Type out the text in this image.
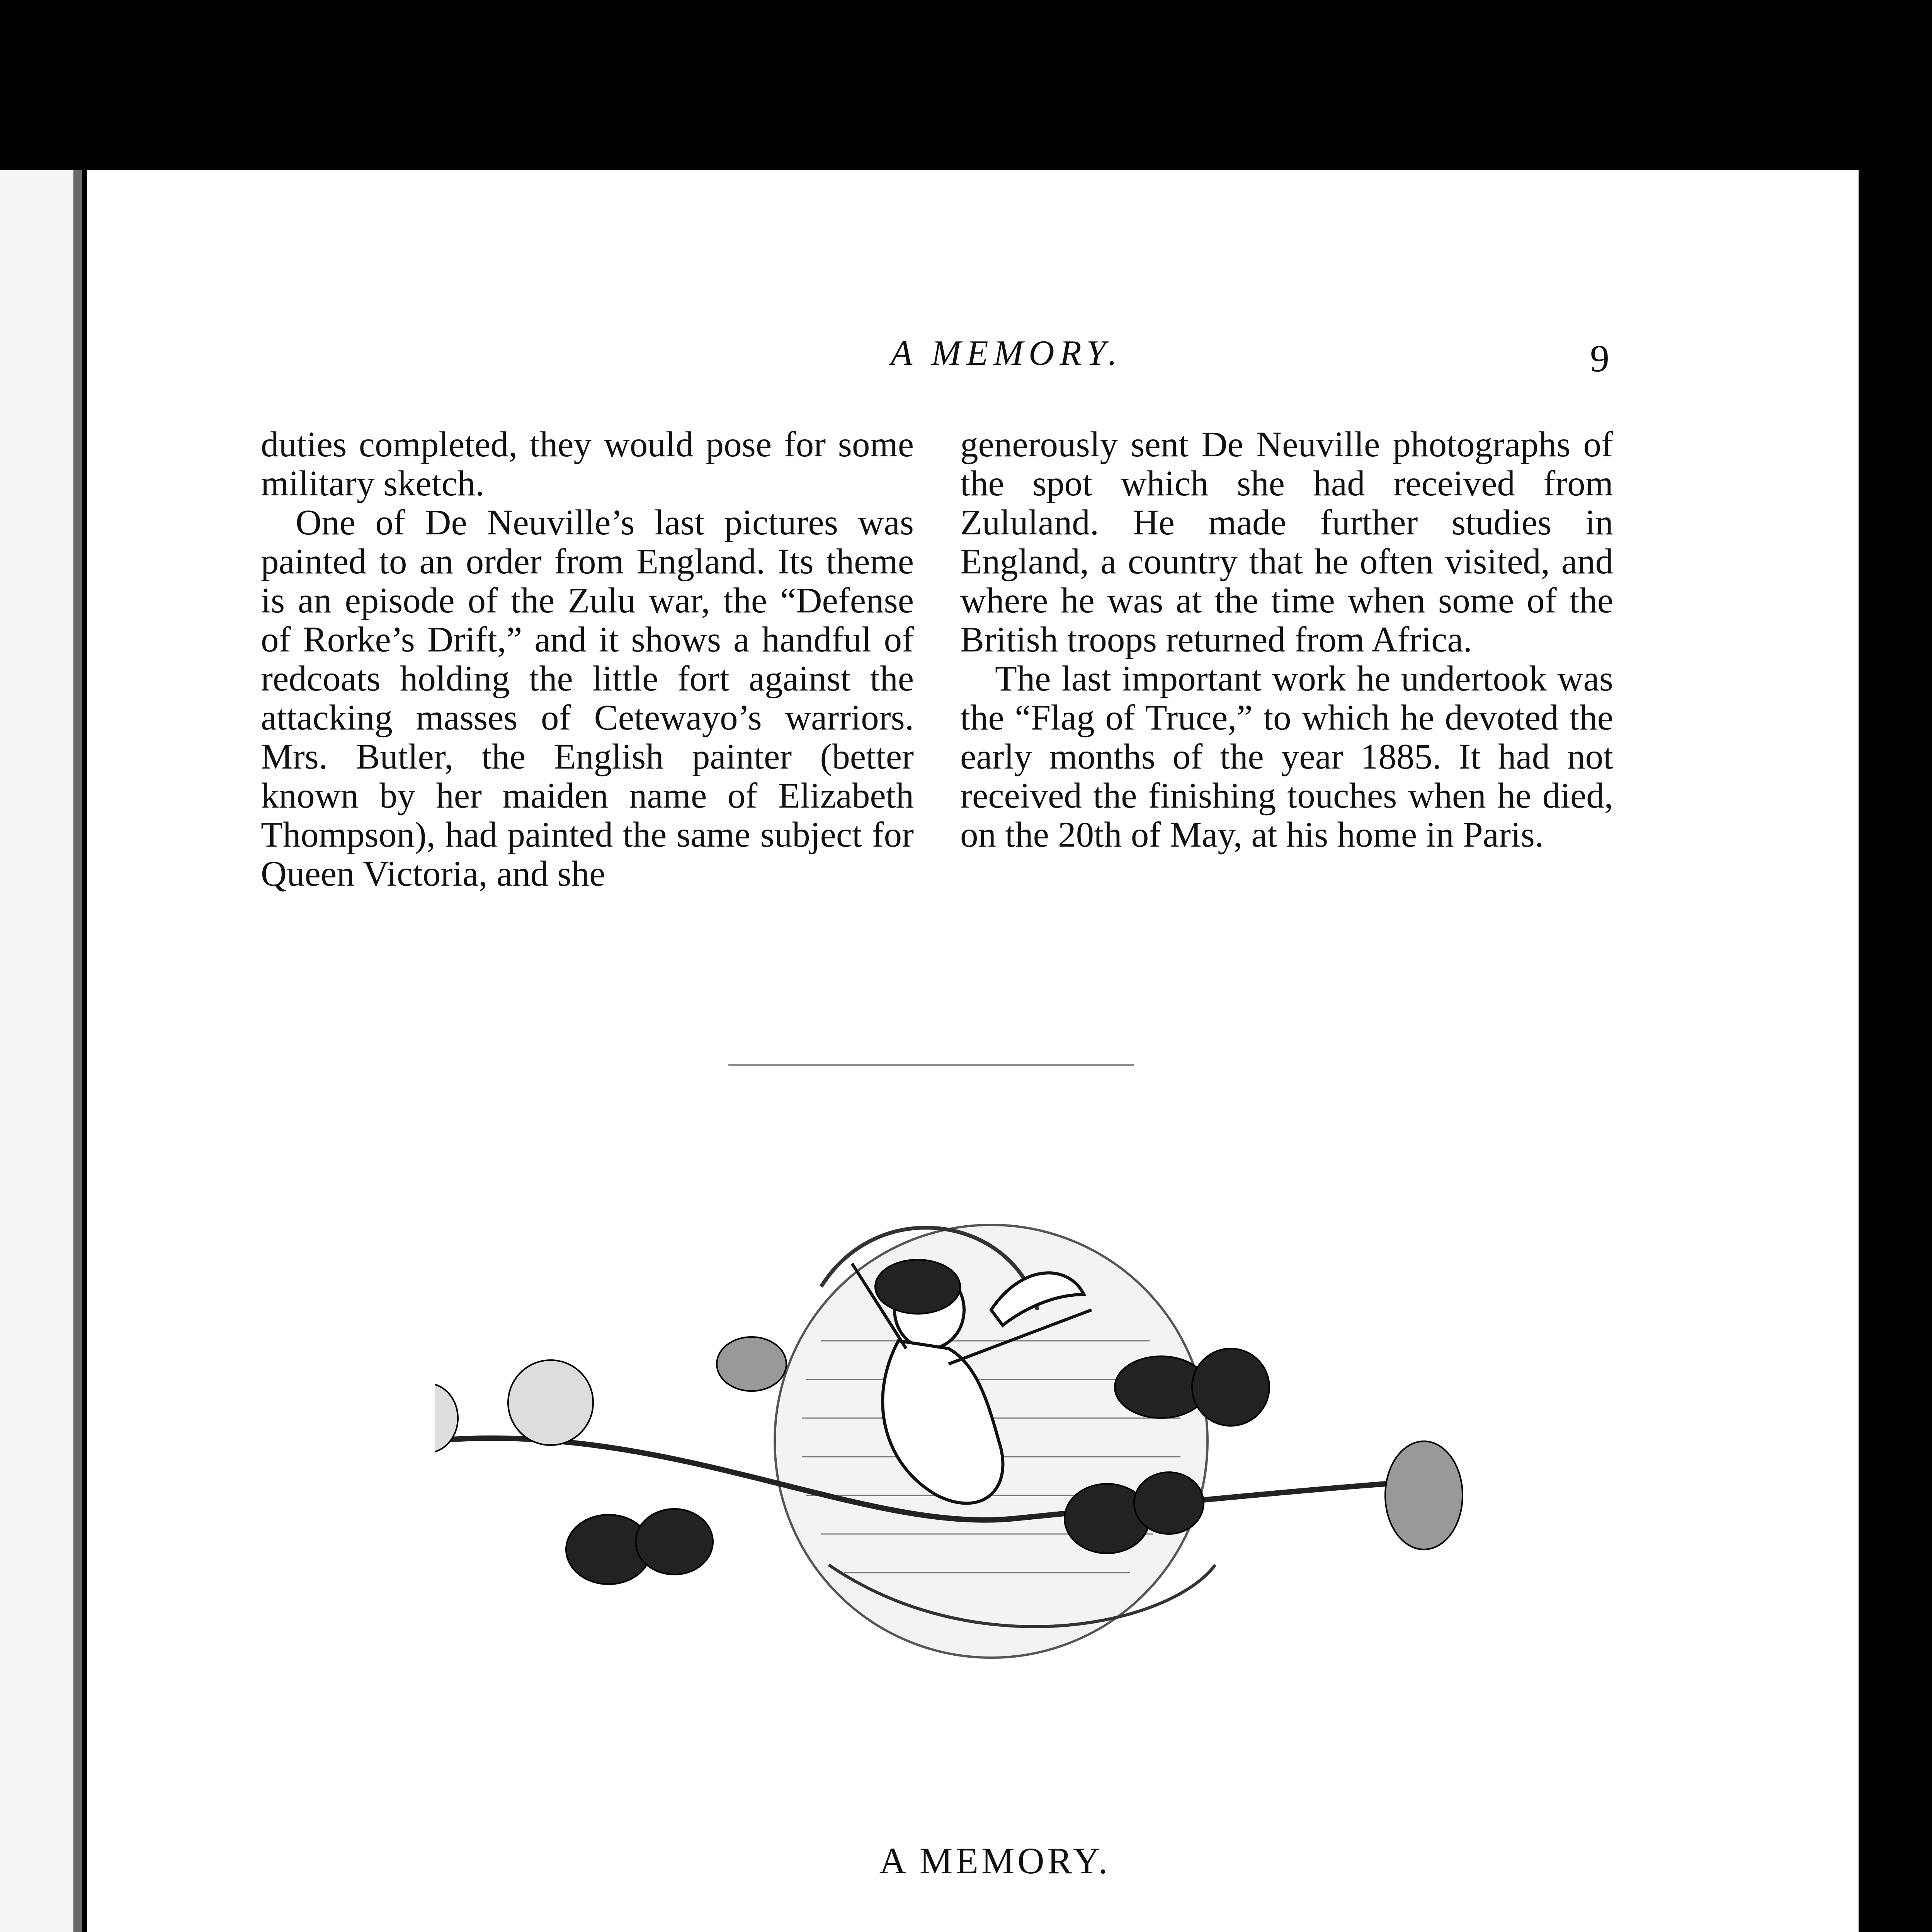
A MEMORY.	9

duties completed, they would pose for some military sketch.

One of De Neuville’s last pictures was painted to an order from England. Its theme is an episode of the Zulu war, the “Defense of Rorke’s Drift,” and it shows a handful of redcoats holding the little fort against the attacking masses of Cetewayo’s warriors. Mrs. Butler, the English painter (better known by her maiden name of Elizabeth Thompson), had painted the same subject for Queen Victoria, and she

generously sent De Neuville photographs of the spot which she had received from Zululand. He made further studies in England, a country that he often visited, and where he was at the time when some of the British troops returned from Africa.

The last important work he undertook was the “Flag of Truce,” to which he devoted the early months of the year 1885. It had not received the finishing touches when he died, on the 20th of May, at his home in Paris.

A MEMORY.
